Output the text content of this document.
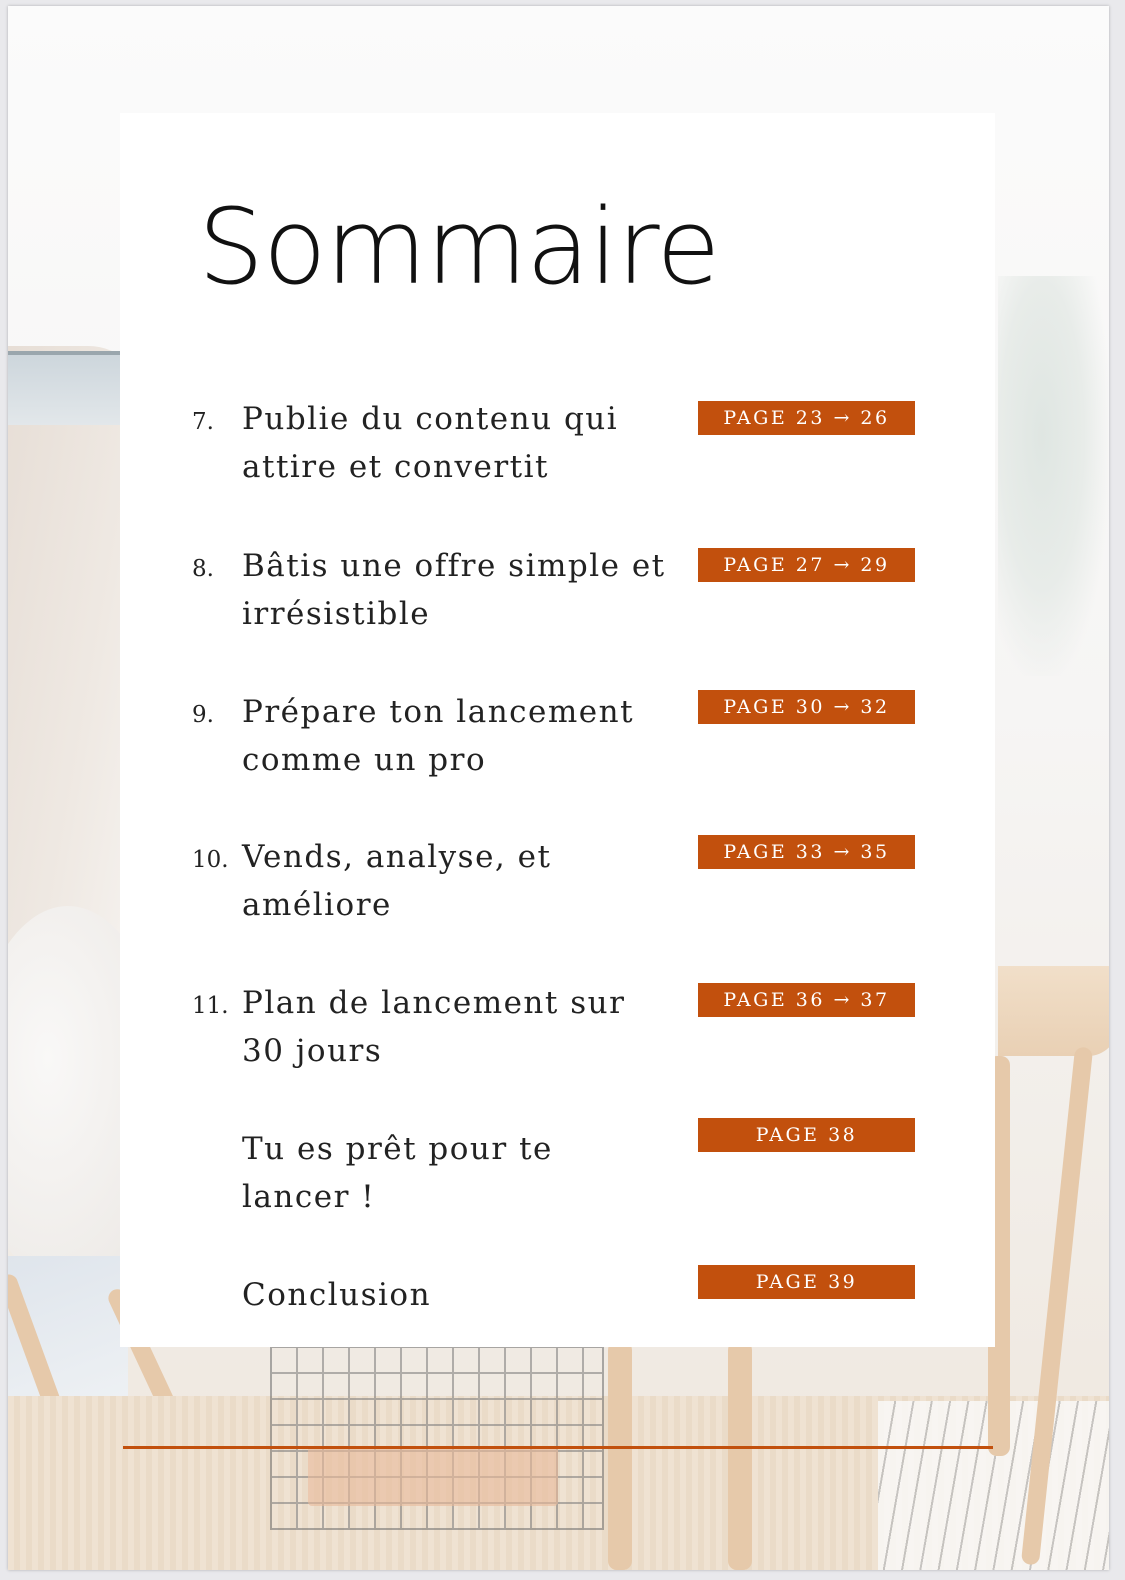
Sommaire
7. Publie du contenu qui attire et convertit
PAGE 23 → 26
8. Bâtis une offre simple et irrésistible
PAGE 27 → 29
9. Prépare ton lancement comme un pro
PAGE 30 → 32
10. Vends, analyse, et améliore
PAGE 33 → 35
11. Plan de lancement sur 30 jours
PAGE 36 → 37
Tu es prêt pour te lancer !
PAGE 38
Conclusion	PAGE 39
